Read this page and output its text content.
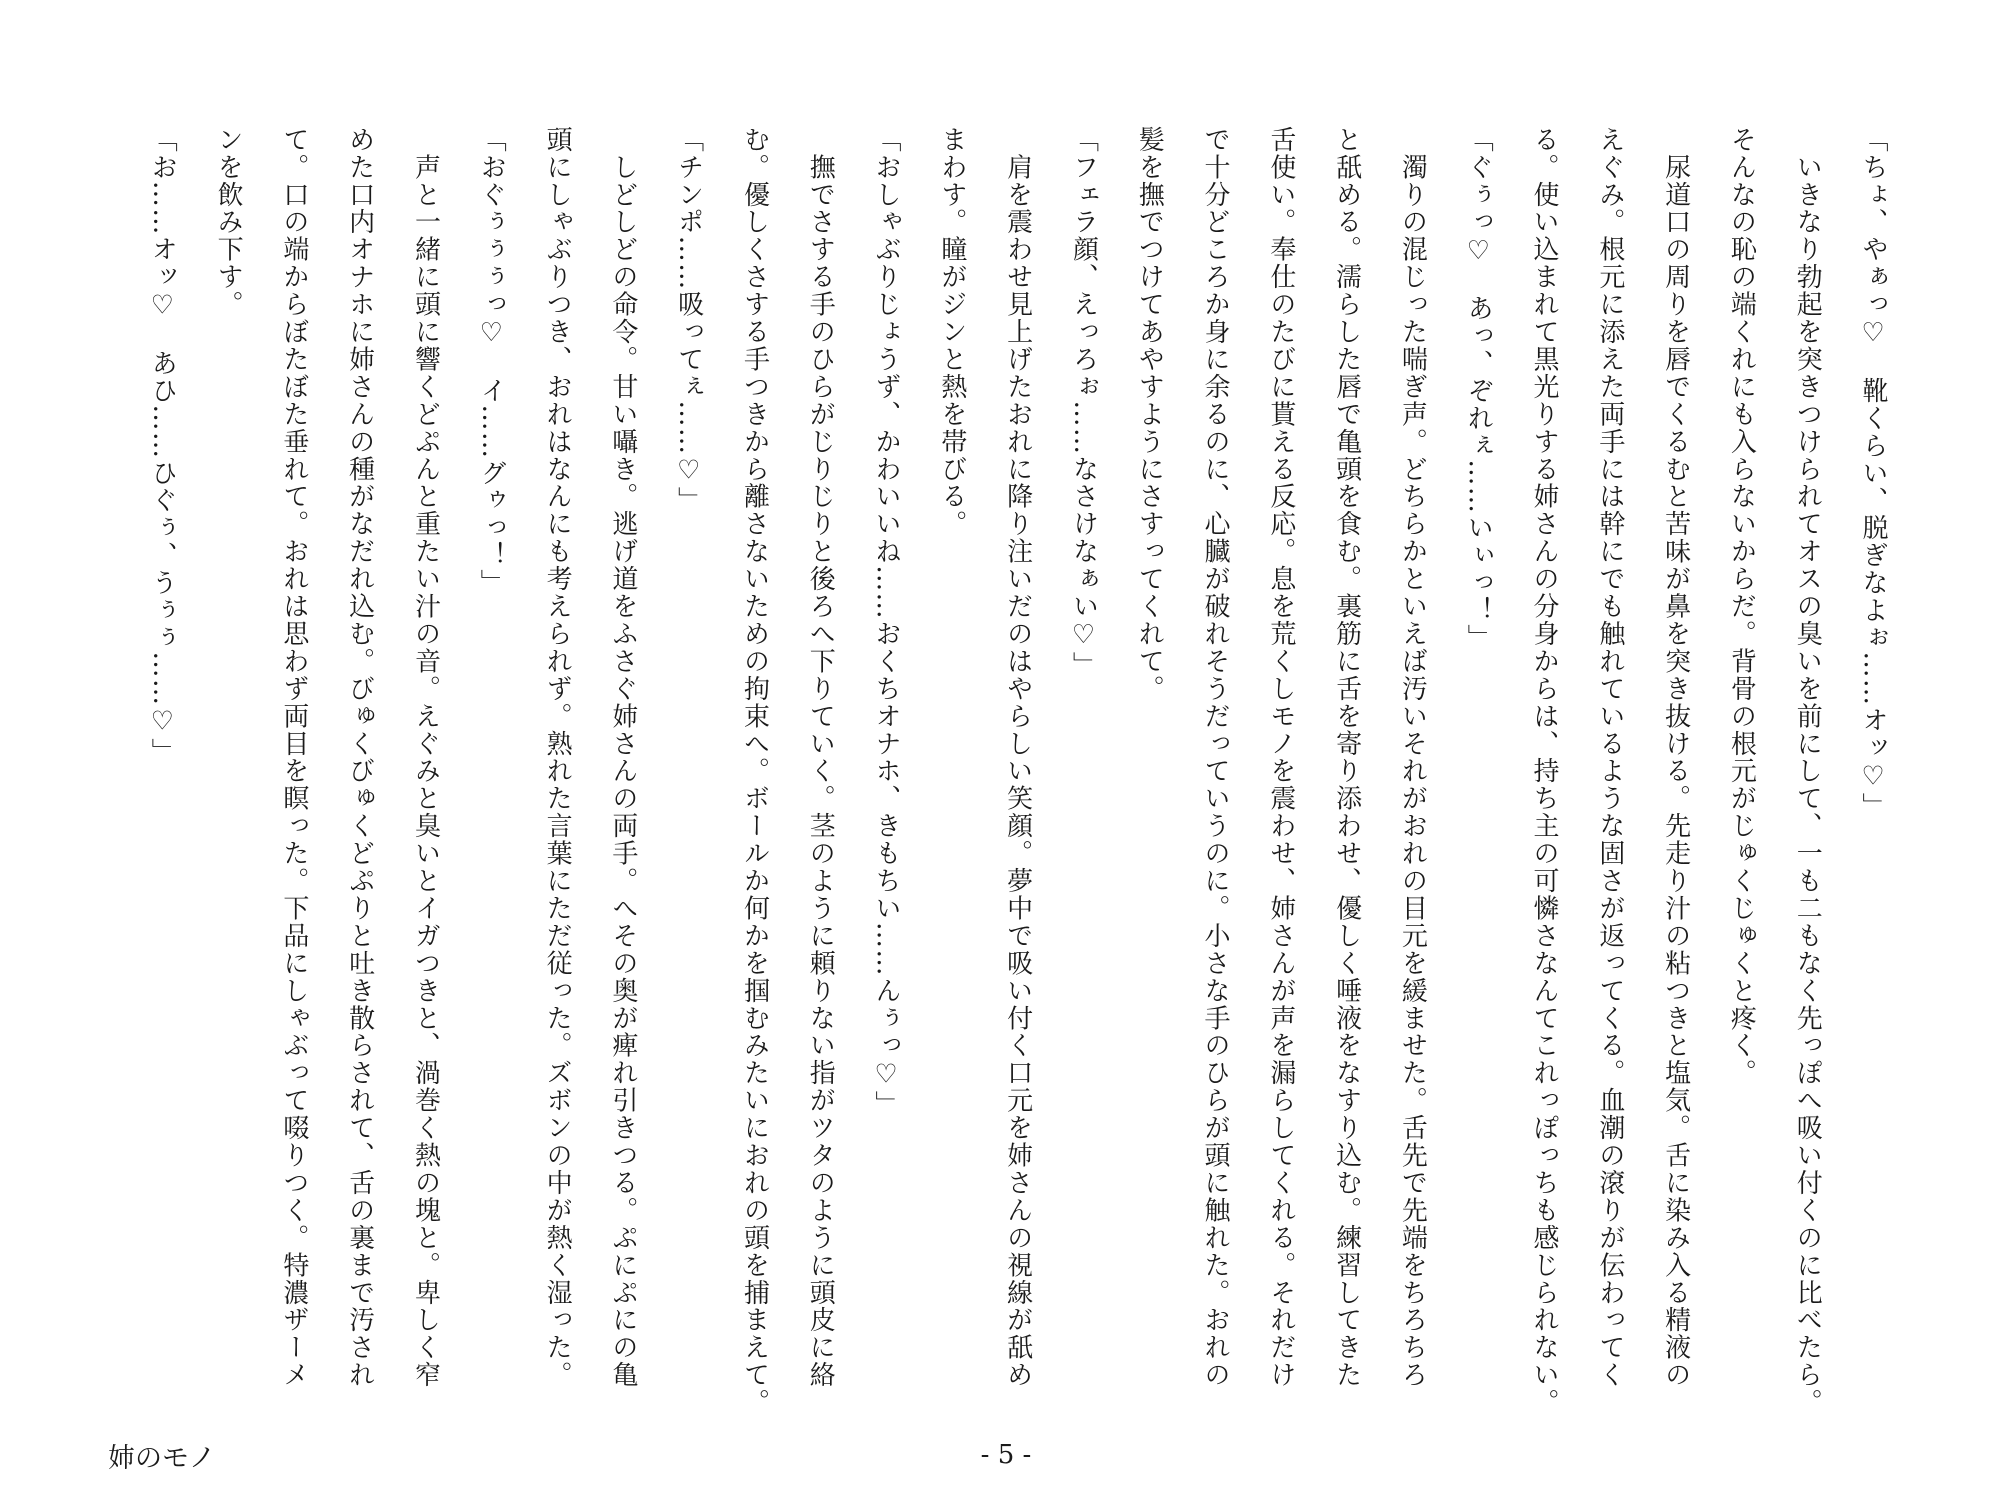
「ちょ、やぁっ♡　靴くらい、脱ぎなよぉ……オッ♡」
　いきなり勃起を突きつけられてオスの臭いを前にして、一も二もなく先っぽへ吸い付くのに比べたら。
そんなの恥の端くれにも入らないからだ。背骨の根元がじゅくじゅくと疼く。
　尿道口の周りを唇でくるむと苦味が鼻を突き抜ける。先走り汁の粘つきと塩気。舌に染み入る精液の
えぐみ。根元に添えた両手には幹にでも触れているような固さが返ってくる。血潮の滾りが伝わってく
る。使い込まれて黒光りする姉さんの分身からは、持ち主の可憐さなんてこれっぽっちも感じられない。
「ぐぅっ♡　あっ、ぞれぇ……いぃっ！」
　濁りの混じった喘ぎ声。どちらかといえば汚いそれがおれの目元を緩ませた。舌先で先端をちろちろ
と舐める。濡らした唇で亀頭を食む。裏筋に舌を寄り添わせ、優しく唾液をなすり込む。練習してきた
舌使い。奉仕のたびに貰える反応。息を荒くしモノを震わせ、姉さんが声を漏らしてくれる。それだけ
で十分どころか身に余るのに、心臓が破れそうだっていうのに。小さな手のひらが頭に触れた。おれの
髪を撫でつけてあやすようにさすってくれて。
「フェラ顔、えっろぉ……なさけなぁい♡」
　肩を震わせ見上げたおれに降り注いだのはやらしい笑顔。夢中で吸い付く口元を姉さんの視線が舐め
まわす。瞳がジンと熱を帯びる。
「おしゃぶりじょうず、かわいいね……おくちオナホ、きもちい……んぅっ♡」
　撫でさする手のひらがじりじりと後ろへ下りていく。茎のように頼りない指がツタのように頭皮に絡
む。優しくさする手つきから離さないための拘束へ。ボールか何かを掴むみたいにおれの頭を捕まえて。
「チンポ……吸ってぇ……♡」
　しどしどの命令。甘い囁き。逃げ道をふさぐ姉さんの両手。へその奥が痺れ引きつる。ぷにぷにの亀
頭にしゃぶりつき、おれはなんにも考えられず。熟れた言葉にただ従った。ズボンの中が熱く湿った。
「おぐぅぅぅっ♡　イ……グゥっ！」
　声と一緒に頭に響くどぷんと重たい汁の音。えぐみと臭いとイガつきと、渦巻く熱の塊と。卑しく窄
めた口内オナホに姉さんの種がなだれ込む。びゅくびゅくどぷりと吐き散らされて、舌の裏まで汚され
て。口の端からぼたぼた垂れて。おれは思わず両目を瞑った。下品にしゃぶって啜りつく。特濃ザーメ
ンを飲み下す。
「お……オッ♡　あひ……ひぐぅ、うぅぅ……♡」
姉のモノ	- 5 -
